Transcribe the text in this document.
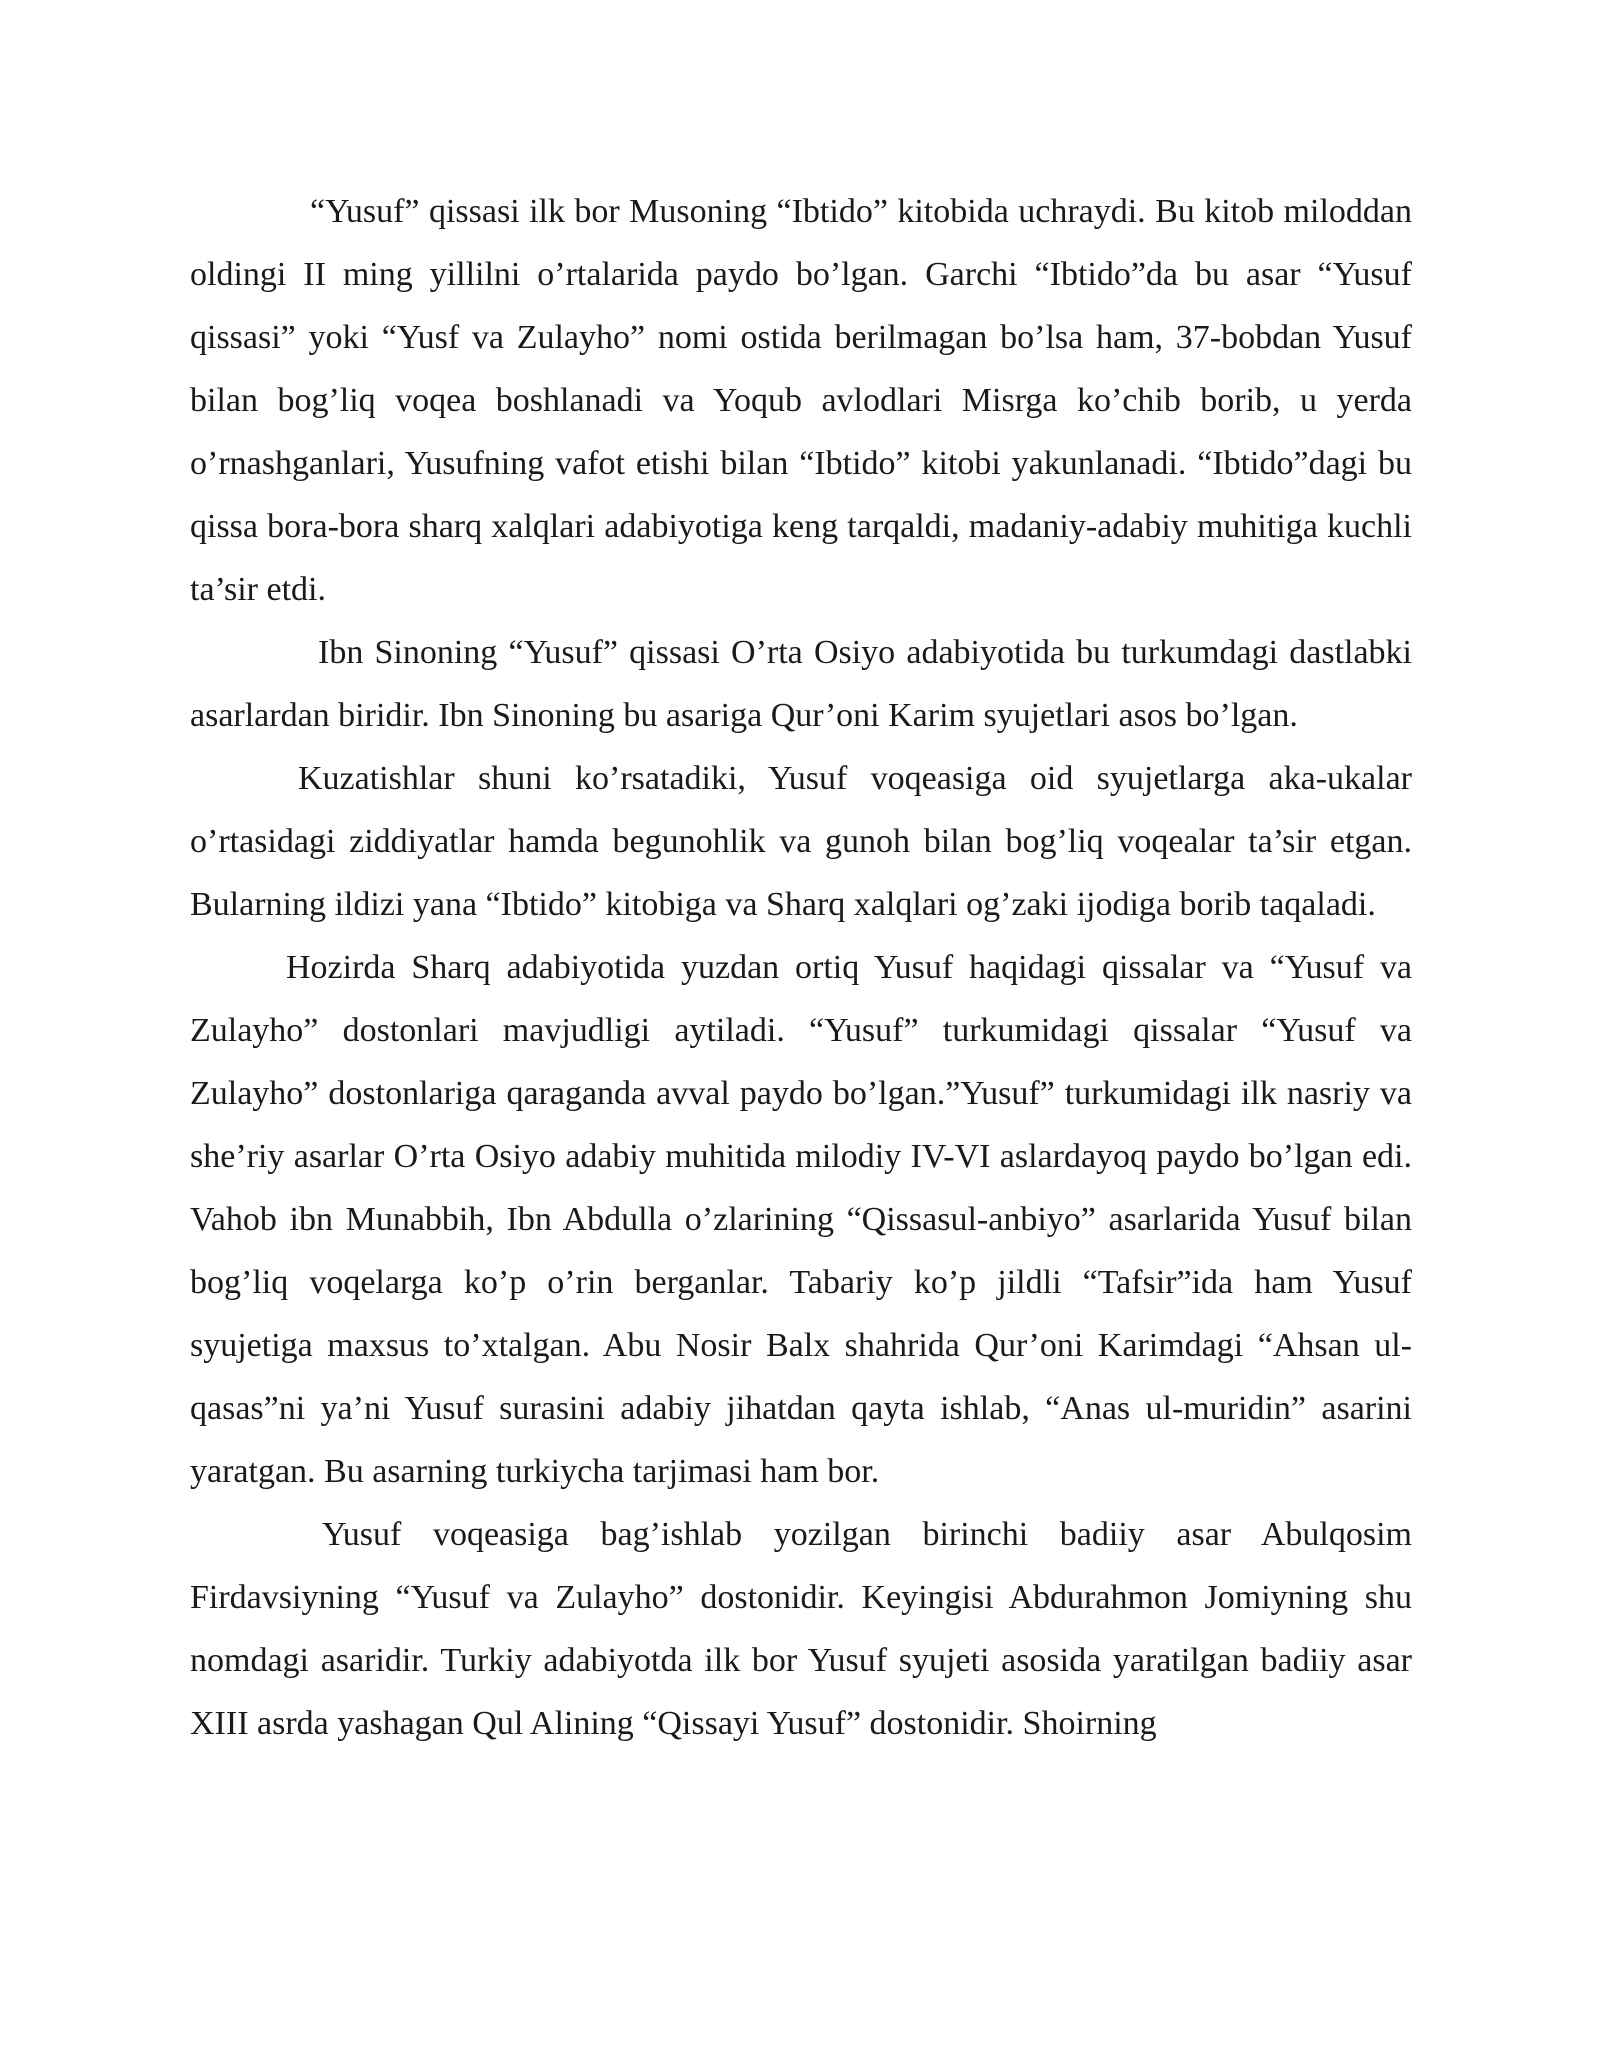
“Yusuf” qissasi ilk bor Musoning “Ibtido” kitobida uchraydi. Bu kitob miloddan oldingi II ming yillilni o’rtalarida paydo bo’lgan. Garchi “Ibtido”da bu asar “Yusuf qissasi” yoki “Yusf va Zulayho” nomi ostida berilmagan bo’lsa ham, 37-bobdan Yusuf bilan bog’liq voqea boshlanadi va Yoqub avlodlari Misrga ko’chib borib, u yerda o’rnashganlari, Yusufning vafot etishi bilan “Ibtido” kitobi yakunlanadi. “Ibtido”dagi bu qissa bora-bora sharq xalqlari adabiyotiga keng tarqaldi, madaniy-adabiy muhitiga kuchli ta’sir etdi.

Ibn Sinoning “Yusuf” qissasi O’rta Osiyo adabiyotida bu turkumdagi dastlabki asarlardan biridir. Ibn Sinoning bu asariga Qur’oni Karim syujetlari asos bo’lgan.

Kuzatishlar shuni ko’rsatadiki, Yusuf voqeasiga oid syujetlarga aka-ukalar o’rtasidagi ziddiyatlar hamda begunohlik va gunoh bilan bog’liq voqealar ta’sir etgan. Bularning ildizi yana “Ibtido” kitobiga va Sharq xalqlari og’zaki ijodiga borib taqaladi.

Hozirda Sharq adabiyotida yuzdan ortiq Yusuf haqidagi qissalar va “Yusuf va Zulayho” dostonlari mavjudligi aytiladi. “Yusuf” turkumidagi qissalar “Yusuf va Zulayho” dostonlariga qaraganda avval paydo bo’lgan.”Yusuf” turkumidagi ilk nasriy va she’riy asarlar O’rta Osiyo adabiy muhitida milodiy IV-VI aslardayoq paydo bo’lgan edi. Vahob ibn Munabbih, Ibn Abdulla o’zlarining “Qissasul-anbiyo” asarlarida Yusuf bilan bog’liq voqelarga ko’p o’rin berganlar. Tabariy ko’p jildli “Tafsir”ida ham Yusuf syujetiga maxsus to’xtalgan. Abu Nosir Balx shahrida Qur’oni Karimdagi “Ahsan ul-qasas”ni ya’ni Yusuf surasini adabiy jihatdan qayta ishlab, “Anas ul-muridin” asarini yaratgan. Bu asarning turkiycha tarjimasi ham bor.

Yusuf voqeasiga bag’ishlab yozilgan birinchi badiiy asar Abulqosim Firdavsiyning “Yusuf va Zulayho” dostonidir. Keyingisi Abdurahmon Jomiyning shu nomdagi asaridir. Turkiy adabiyotda ilk bor Yusuf syujeti asosida yaratilgan badiiy asar XIII asrda yashagan Qul Alining “Qissayi Yusuf” dostonidir. Shoirning
